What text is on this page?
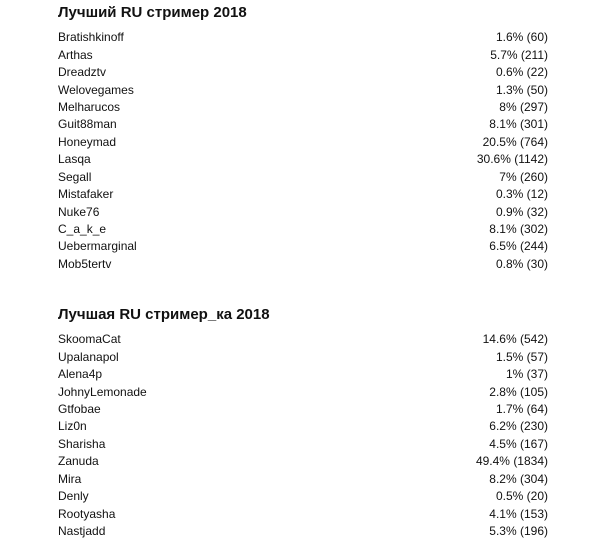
Лучший RU стример 2018
Bratishkinoff	1.6% (60)
Arthas	5.7% (211)
Dreadztv	0.6% (22)
Welovegames	1.3% (50)
Melharucos	8% (297)
Guit88man	8.1% (301)
Honeymad	20.5% (764)
Lasqa	30.6% (1142)
Segall	7% (260)
Mistafaker	0.3% (12)
Nuke76	0.9% (32)
C_a_k_e	8.1% (302)
Uebermarginal	6.5% (244)
Mob5tertv	0.8% (30)
Лучшая RU стример_ка 2018
SkoomaCat	14.6% (542)
Upalanapol	1.5% (57)
Alena4p	1% (37)
JohnyLemonade	2.8% (105)
Gtfobae	1.7% (64)
Liz0n	6.2% (230)
Sharisha	4.5% (167)
Zanuda	49.4% (1834)
Mira	8.2% (304)
Denly	0.5% (20)
Rootyasha	4.1% (153)
Nastjadd	5.3% (196)
